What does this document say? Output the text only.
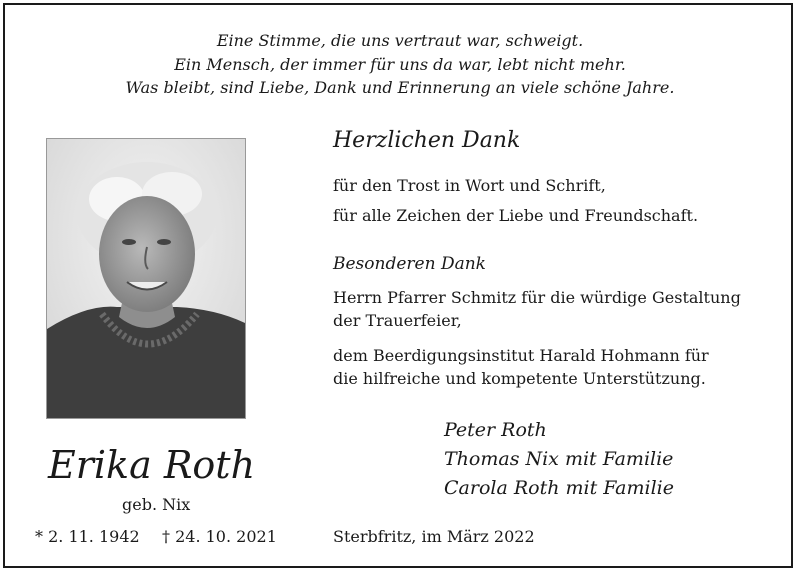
Eine Stimme, die uns vertraut war, schweigt.
Ein Mensch, der immer für uns da war, lebt nicht mehr.
Was bleibt, sind Liebe, Dank und Erinnerung an viele schöne Jahre.
Herzlichen Dank
für den Trost in Wort und Schrift,
für alle Zeichen der Liebe und Freundschaft.
Besonderen Dank
Herrn Pfarrer Schmitz für die würdige Gestaltung
der Trauerfeier,
dem Beerdigungsinstitut Harald Hohmann für
die hilfreiche und kompetente Unterstützung.
Peter Roth
Thomas Nix mit Familie
Carola Roth mit Familie
Erika Roth
geb. Nix
* 2. 11. 1942 † 24. 10. 2021	Sterbfritz, im März 2022
